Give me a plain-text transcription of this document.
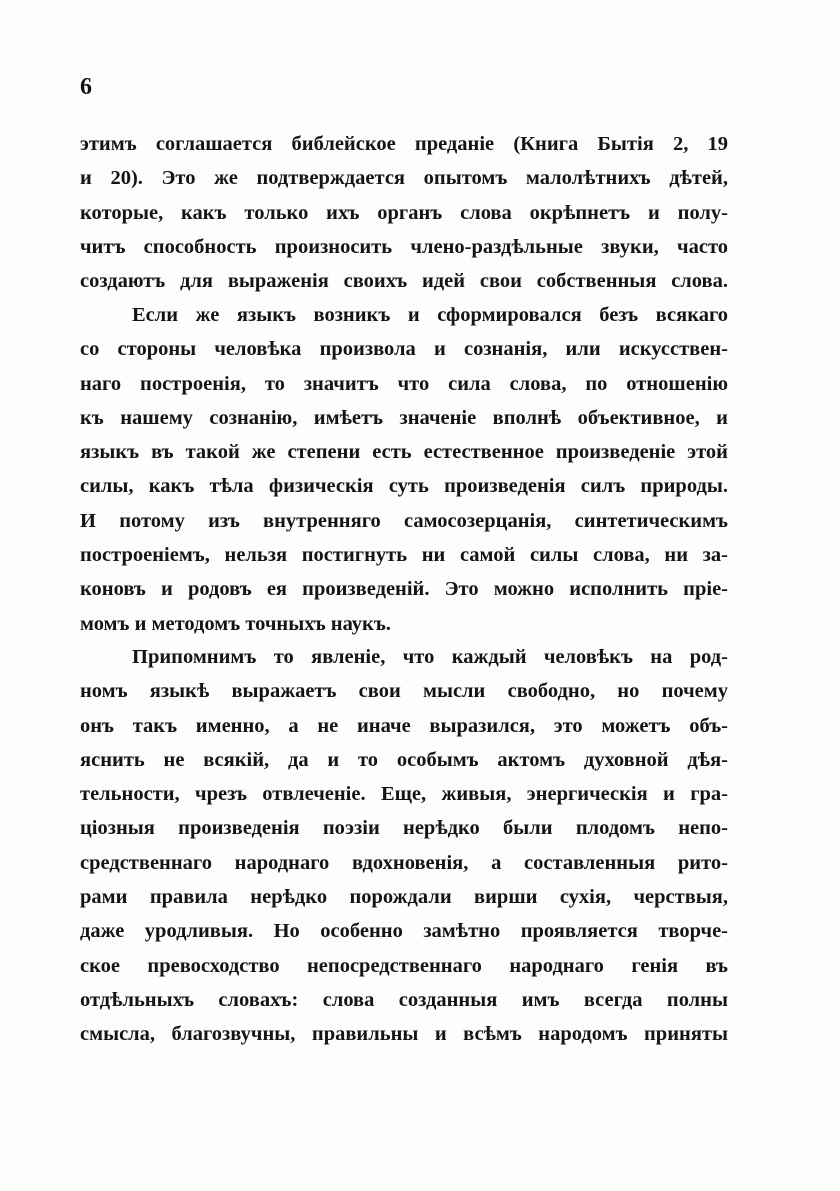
6
этимъ соглашается библейское преданіе (Книга Бытія 2, 19
и 20). Это же подтверждается опытомъ малолѣтнихъ дѣтей,
которые, какъ только ихъ органъ слова окрѣпнетъ и полу-
читъ способность произносить члено-раздѣльные звуки, часто
создаютъ для выраженія своихъ идей свои собственныя слова.
Если же языкъ возникъ и сформировался безъ всякаго
со стороны человѣка произвола и сознанія, или искусствен-
наго построенія, то значитъ что сила слова, по отношенію
къ нашему сознанію, имѣетъ значеніе вполнѣ объективное, и
языкъ въ такой же степени есть естественное произведеніе этой
силы, какъ тѣла физическія суть произведенія силъ природы.
И потому изъ внутренняго самосозерцанія, синтетическимъ
построеніемъ, нельзя постигнуть ни самой силы слова, ни за-
коновъ и родовъ ея произведеній. Это можно исполнить пріе-
момъ и методомъ точныхъ наукъ.
Припомнимъ то явленіе, что каждый человѣкъ на род-
номъ языкѣ выражаетъ свои мысли свободно, но почему
онъ такъ именно, а не иначе выразился, это можетъ объ-
яснить не всякій, да и то особымъ актомъ духовной дѣя-
тельности, чрезъ отвлеченіе. Еще, живыя, энергическія и гра-
ціозныя произведенія поэзіи нерѣдко были плодомъ непо-
средственнаго народнаго вдохновенія, а составленныя рито-
рами правила нерѣдко порождали вирши сухія, черствыя,
даже уродливыя. Но особенно замѣтно проявляется творче-
ское превосходство непосредственнаго народнаго генія въ
отдѣльныхъ словахъ: слова созданныя имъ всегда полны
смысла, благозвучны, правильны и всѣмъ народомъ приняты
